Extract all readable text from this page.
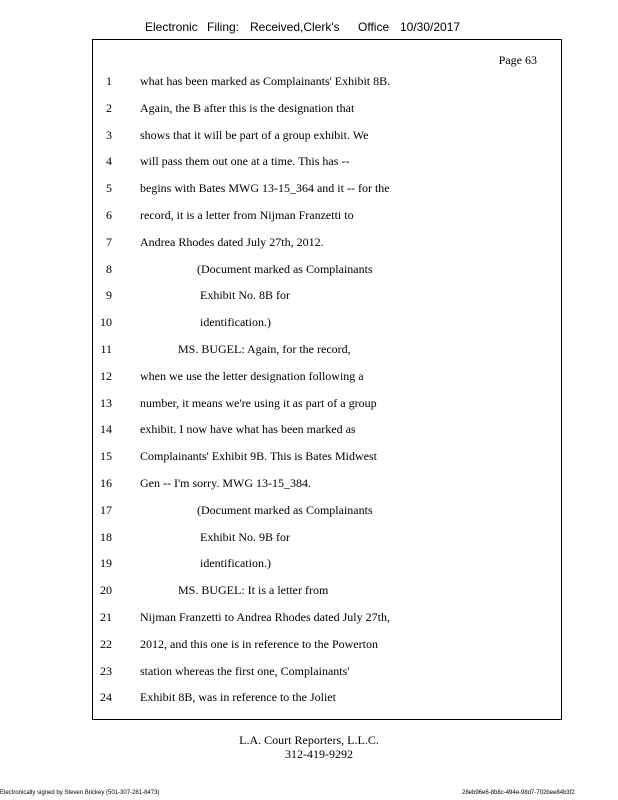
Electronic Filing: Received,Clerk's Office 10/30/2017
Page 63
1 what has been marked as Complainants' Exhibit 8B.
2 Again, the B after this is the designation that
3 shows that it will be part of a group exhibit. We
4 will pass them out one at a time. This has --
5 begins with Bates MWG 13-15_364 and it -- for the
6 record, it is a letter from Nijman Franzetti to
7 Andrea Rhodes dated July 27th, 2012.
8	(Document marked as Complainants
9	Exhibit No. 8B for
10	identification.)
11	MS. BUGEL: Again, for the record,
12 when we use the letter designation following a
13 number, it means we're using it as part of a group
14 exhibit. I now have what has been marked as
15 Complainants' Exhibit 9B. This is Bates Midwest
16 Gen -- I'm sorry. MWG 13-15_384.
17	(Document marked as Complainants
18	Exhibit No. 9B for
19	identification.)
20	MS. BUGEL: It is a letter from
21 Nijman Franzetti to Andrea Rhodes dated July 27th,
22 2012, and this one is in reference to the Powerton
23 station whereas the first one, Complainants'
24 Exhibit 8B, was in reference to the Joliet
L.A. Court Reporters, L.L.C.
312-419-9292
Electronically signed by Steven Brickey (501-307-281-8473)	28eb96e6-8b8c-494e-98d7-702bee84b3f2
